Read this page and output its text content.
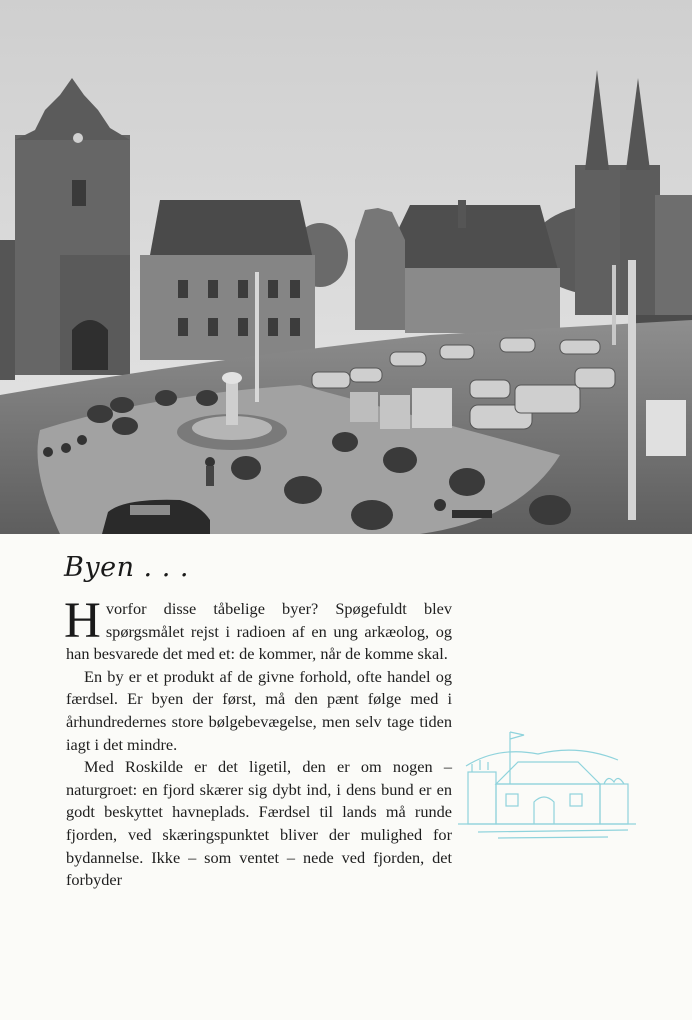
Byen . . .

Hvorfor disse tåbelige byer? Spøgefuldt blev spørgsmålet rejst i radioen af en ung arkæolog, og han besvarede det med et: de kommer, når de komme skal.

En by er et produkt af de givne forhold, ofte handel og færdsel. Er byen der først, må den pænt følge med i århundredernes store bølgebevægelse, men selv tage tiden iagt i det mindre.

Med Roskilde er det ligetil, den er om nogen – naturgroet: en fjord skærer sig dybt ind, i dens bund er en godt beskyttet havneplads. Færdsel til lands må runde fjorden, ved skæringspunktet bliver der mulighed for bydannelse. Ikke – som ventet – nede ved fjorden, det forbyder
